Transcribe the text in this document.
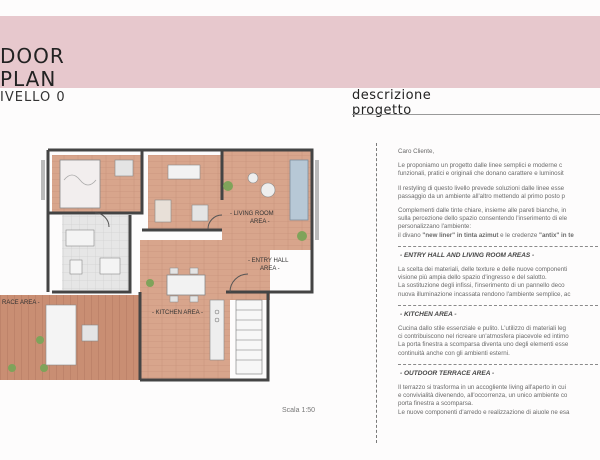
DOOR
PLAN
IVELLO 0	descrizione
progetto
Caro Cliente,
Le proponiamo un progetto dalle linee semplici e moderne c
funzionali, pratici e originali che donano carattere e luminosit
Il restyling di questo livello prevede soluzioni dalle linee esse
passaggio da un ambiente all'altro mettendo al primo posto p
Complementi dalle tinte chiare, insieme alle pareti bianche, in
sulla percezione dello spazio consentendo l'inserimento di ele
personalizzano l'ambiente:
il divano "new liner" in tinta azimut e le credenze "antix" in te
- ENTRY HALL AND LIVING ROOM AREAS -
La scelta dei materiali, delle texture e delle nuove componenti
visione più ampia dello spazio d'ingresso e del salotto.
La sostituzione degli infissi, l'inserimento di un pannello deco
nuova illuminazione incassata rendono l'ambiente semplice, ac
- KITCHEN AREA -
Cucina dallo stile essenziale e pulito. L'utilizzo di materiali leg
ci contribuiscono nel ricreare un'atmosfera piacevole ed intimo
La porta finestra a scomparsa diventa uno degli elementi esse
continuità anche con gli ambienti esterni.
- OUTDOOR TERRACE AREA -
Il terrazzo si trasforma in un accogliente living all'aperto in cui
e convivialità divenendo, all'occorrenza, un unico ambiente co
porta finestra a scomparsa.
Le nuove componenti d'arredo e realizzazione di aiuole ne esa
- LIVING ROOM
AREA -
- ENTRY HALL
AREA -
- KITCHEN AREA -
RACE AREA -
Scala 1:50
